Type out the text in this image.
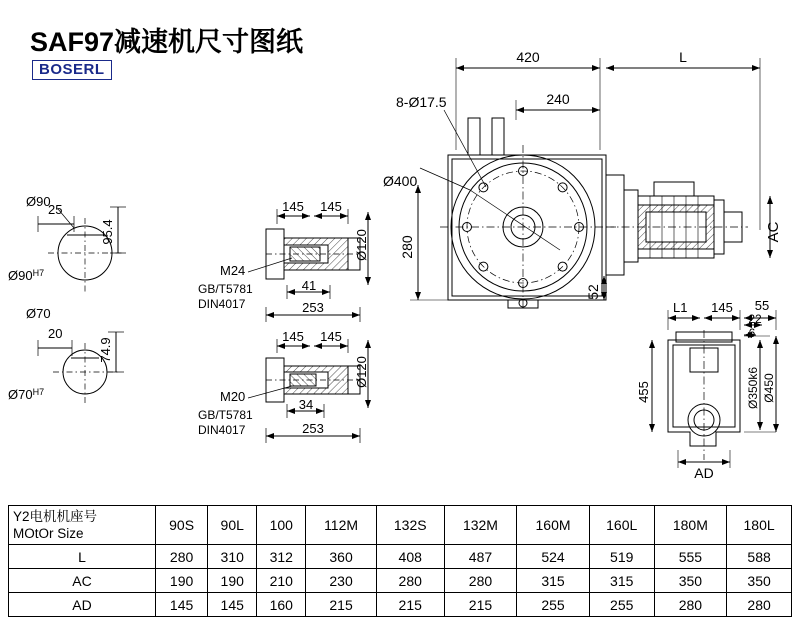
SAF97减速机尺寸图纸
BOSERL
420	L
8-Ø17.5	240
Ø400
280
52
AC
Ø90
25
95.4
$Ø90^{H7}$
Ø70
20
74.9
$Ø70^{H7}$
145 145
Ø120
M24
GB/T5781
DIN4017
41
253
145 145
Ø120
M20
GB/T5781
DIN4017
34
253
L1 145 55
22
6
455	Ø350k6 Ø450
AD
Y2电机机座号
MOtOr Size	90S	90L	100	112M	132S	132M	160M	160L	180M	180L
L	280	310	312	360	408	487	524	519	555	588
AC	190	190	210	230	280	280	315	315	350	350
AD	145	145	160	215	215	215	255	255	280	280
